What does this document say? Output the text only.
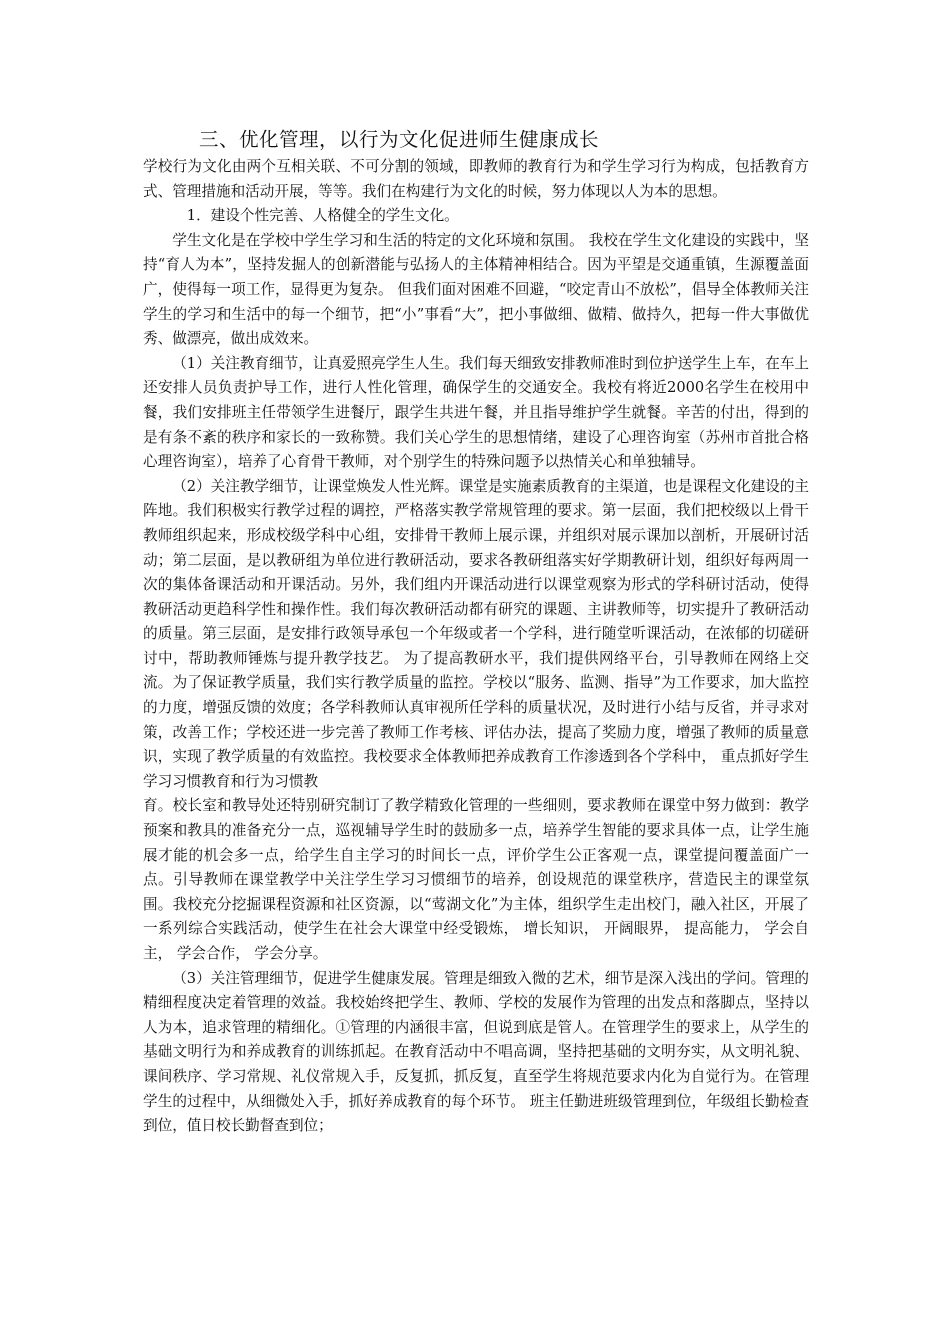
三、优化管理，以行为文化促进师生健康成长

学校行为文化由两个互相关联、不可分割的领域，即教师的教育行为和学生学习行为构成，包括教育方式、管理措施和活动开展，等等。我们在构建行为文化的时候，努力体现以人为本的思想。

1．建设个性完善、人格健全的学生文化。

学生文化是在学校中学生学习和生活的特定的文化环境和氛围。 我校在学生文化建设的实践中，坚持“育人为本”，坚持发掘人的创新潜能与弘扬人的主体精神相结合。因为平望是交通重镇，生源覆盖面广，使得每一项工作，显得更为复杂。 但我们面对困难不回避，“咬定青山不放松”，倡导全体教师关注学生的学习和生活中的每一个细节，把“小”事看“大”，把小事做细、做精、做持久，把每一件大事做优秀、做漂亮，做出成效来。

（1）关注教育细节，让真爱照亮学生人生。我们每天细致安排教师准时到位护送学生上车，在车上还安排人员负责护导工作，进行人性化管理，确保学生的交通安全。我校有将近2000名学生在校用中餐，我们安排班主任带领学生进餐厅，跟学生共进午餐，并且指导维护学生就餐。辛苦的付出，得到的是有条不紊的秩序和家长的一致称赞。我们关心学生的思想情绪，建设了心理咨询室（苏州市首批合格心理咨询室），培养了心育骨干教师，对个别学生的特殊问题予以热情关心和单独辅导。

（2）关注教学细节，让课堂焕发人性光辉。课堂是实施素质教育的主渠道，也是课程文化建设的主阵地。我们积极实行教学过程的调控，严格落实教学常规管理的要求。第一层面，我们把校级以上骨干教师组织起来，形成校级学科中心组，安排骨干教师上展示课，并组织对展示课加以剖析，开展研讨活动；第二层面，是以教研组为单位进行教研活动，要求各教研组落实好学期教研计划，组织好每两周一次的集体备课活动和开课活动。另外，我们组内开课活动进行以课堂观察为形式的学科研讨活动，使得教研活动更趋科学性和操作性。我们每次教研活动都有研究的课题、主讲教师等，切实提升了教研活动的质量。第三层面，是安排行政领导承包一个年级或者一个学科，进行随堂听课活动，在浓郁的切磋研讨中，帮助教师锤炼与提升教学技艺。 为了提高教研水平，我们提供网络平台，引导教师在网络上交流。为了保证教学质量，我们实行教学质量的监控。学校以“服务、监测、指导”为工作要求，加大监控的力度，增强反馈的效度；各学科教师认真审视所任学科的质量状况，及时进行小结与反省，并寻求对策，改善工作；学校还进一步完善了教师工作考核、评估办法，提高了奖励力度，增强了教师的质量意识，实现了教学质量的有效监控。我校要求全体教师把养成教育工作渗透到各个学科中， 重点抓好学生学习习惯教育和行为习惯教

育。校长室和教导处还特别研究制订了教学精致化管理的一些细则，要求教师在课堂中努力做到：教学预案和教具的准备充分一点，巡视辅导学生时的鼓励多一点，培养学生智能的要求具体一点，让学生施展才能的机会多一点，给学生自主学习的时间长一点，评价学生公正客观一点，课堂提问覆盖面广一点。引导教师在课堂教学中关注学生学习习惯细节的培养，创设规范的课堂秩序，营造民主的课堂氛围。我校充分挖掘课程资源和社区资源，以“莺湖文化”为主体，组织学生走出校门，融入社区，开展了一系列综合实践活动，使学生在社会大课堂中经受锻炼， 增长知识， 开阔眼界， 提高能力， 学会自主， 学会合作， 学会分享。

（3）关注管理细节，促进学生健康发展。管理是细致入微的艺术，细节是深入浅出的学问。管理的精细程度决定着管理的效益。我校始终把学生、教师、学校的发展作为管理的出发点和落脚点，坚持以人为本，追求管理的精细化。①管理的内涵很丰富，但说到底是管人。在管理学生的要求上，从学生的基础文明行为和养成教育的训练抓起。在教育活动中不唱高调，坚持把基础的文明夯实，从文明礼貌、课间秩序、学习常规、礼仪常规入手，反复抓，抓反复，直至学生将规范要求内化为自觉行为。在管理学生的过程中，从细微处入手，抓好养成教育的每个环节。 班主任勤进班级管理到位，年级组长勤检查到位，值日校长勤督查到位；
